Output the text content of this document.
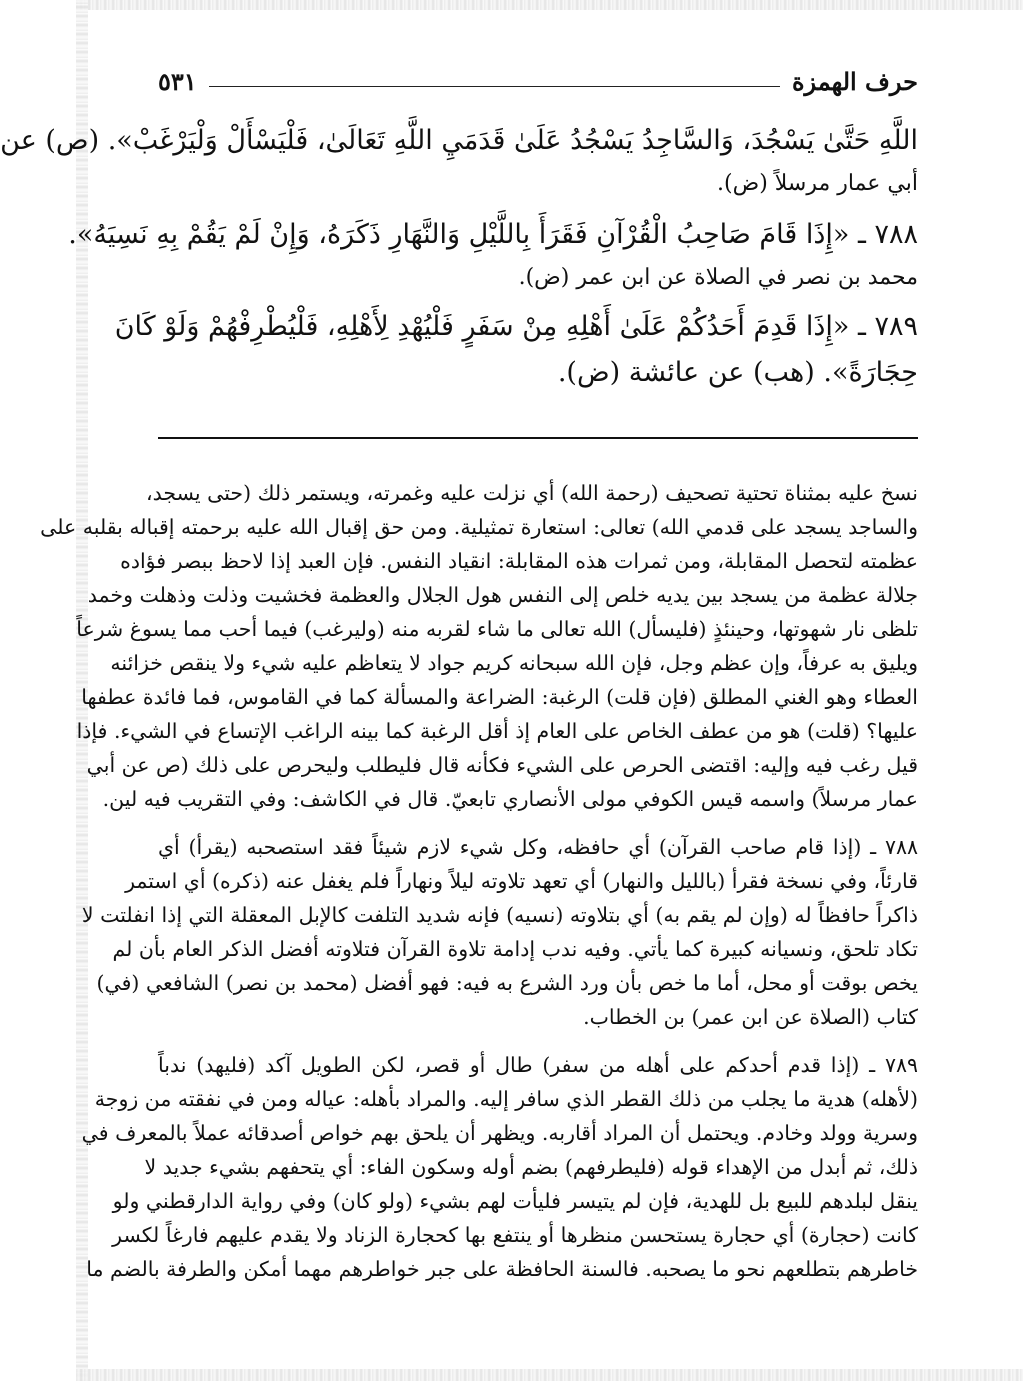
حرف الهمزة
٥٣١
اللَّهِ حَتَّىٰ يَسْجُدَ، وَالسَّاجِدُ يَسْجُدُ عَلَىٰ قَدَمَيِ اللَّهِ تَعَالَىٰ، فَلْيَسْأَلْ وَلْيَرْغَبْ». (ص) عن
أبي عمار مرسلاً (ض).
٧٨٨ ـ «إِذَا قَامَ صَاحِبُ الْقُرْآنِ فَقَرَأَ بِاللَّيْلِ وَالنَّهَارِ ذَكَرَهُ، وَإِنْ لَمْ يَقُمْ بِهِ نَسِيَهُ».
محمد بن نصر في الصلاة عن ابن عمر (ض).
٧٨٩ ـ «إِذَا قَدِمَ أَحَدُكُمْ عَلَىٰ أَهْلِهِ مِنْ سَفَرٍ فَلْيُهْدِ لِأَهْلِهِ، فَلْيُطْرِفْهُمْ وَلَوْ كَانَ
حِجَارَةً». (هب) عن عائشة (ض).
نسخ عليه بمثناة تحتية تصحيف (رحمة الله) أي نزلت عليه وغمرته، ويستمر ذلك (حتى يسجد،
والساجد يسجد على قدمي الله) تعالى: استعارة تمثيلية. ومن حق إقبال الله عليه برحمته إقباله بقلبه على
عظمته لتحصل المقابلة، ومن ثمرات هذه المقابلة: انقياد النفس. فإن العبد إذا لاحظ ببصر فؤاده
جلالة عظمة من يسجد بين يديه خلص إلى النفس هول الجلال والعظمة فخشيت وذلت وذهلت وخمد
تلظى نار شهوتها، وحينئذٍ (فليسأل) الله تعالى ما شاء لقربه منه (وليرغب) فيما أحب مما يسوغ شرعاً
ويليق به عرفاً، وإن عظم وجل، فإن الله سبحانه كريم جواد لا يتعاظم عليه شيء ولا ينقص خزائنه
العطاء وهو الغني المطلق (فإن قلت) الرغبة: الضراعة والمسألة كما في القاموس، فما فائدة عطفها
عليها؟ (قلت) هو من عطف الخاص على العام إذ أقل الرغبة كما بينه الراغب الإتساع في الشيء. فإذا
قيل رغب فيه وإليه: اقتضى الحرص على الشيء فكأنه قال فليطلب وليحرص على ذلك (ص عن أبي
عمار مرسلاً) واسمه قيس الكوفي مولى الأنصاري تابعيّ. قال في الكاشف: وفي التقريب فيه لين.
٧٨٨ ـ (إذا قام صاحب القرآن) أي حافظه، وكل شيء لازم شيئاً فقد استصحبه (يقرأ) أي
قارئاً، وفي نسخة فقرأ (بالليل والنهار) أي تعهد تلاوته ليلاً ونهاراً فلم يغفل عنه (ذكره) أي استمر
ذاكراً حافظاً له (وإن لم يقم به) أي بتلاوته (نسيه) فإنه شديد التلفت كالإبل المعقلة التي إذا انفلتت لا
تكاد تلحق، ونسيانه كبيرة كما يأتي. وفيه ندب إدامة تلاوة القرآن فتلاوته أفضل الذكر العام بأن لم
يخص بوقت أو محل، أما ما خص بأن ورد الشرع به فيه: فهو أفضل (محمد بن نصر) الشافعي (في)
كتاب (الصلاة عن ابن عمر) بن الخطاب.
٧٨٩ ـ (إذا قدم أحدكم على أهله من سفر) طال أو قصر، لكن الطويل آكد (فليهد) ندباً
(لأهله) هدية ما يجلب من ذلك القطر الذي سافر إليه. والمراد بأهله: عياله ومن في نفقته من زوجة
وسرية وولد وخادم. ويحتمل أن المراد أقاربه. ويظهر أن يلحق بهم خواص أصدقائه عملاً بالمعرف في
ذلك، ثم أبدل من الإهداء قوله (فليطرفهم) بضم أوله وسكون الفاء: أي يتحفهم بشيء جديد لا
ينقل لبلدهم للبيع بل للهدية، فإن لم يتيسر فليأت لهم بشيء (ولو كان) وفي رواية الدارقطني ولو
كانت (حجارة) أي حجارة يستحسن منظرها أو ينتفع بها كحجارة الزناد ولا يقدم عليهم فارغاً لكسر
خاطرهم بتطلعهم نحو ما يصحبه. فالسنة الحافظة على جبر خواطرهم مهما أمكن والطرفة بالضم ما
